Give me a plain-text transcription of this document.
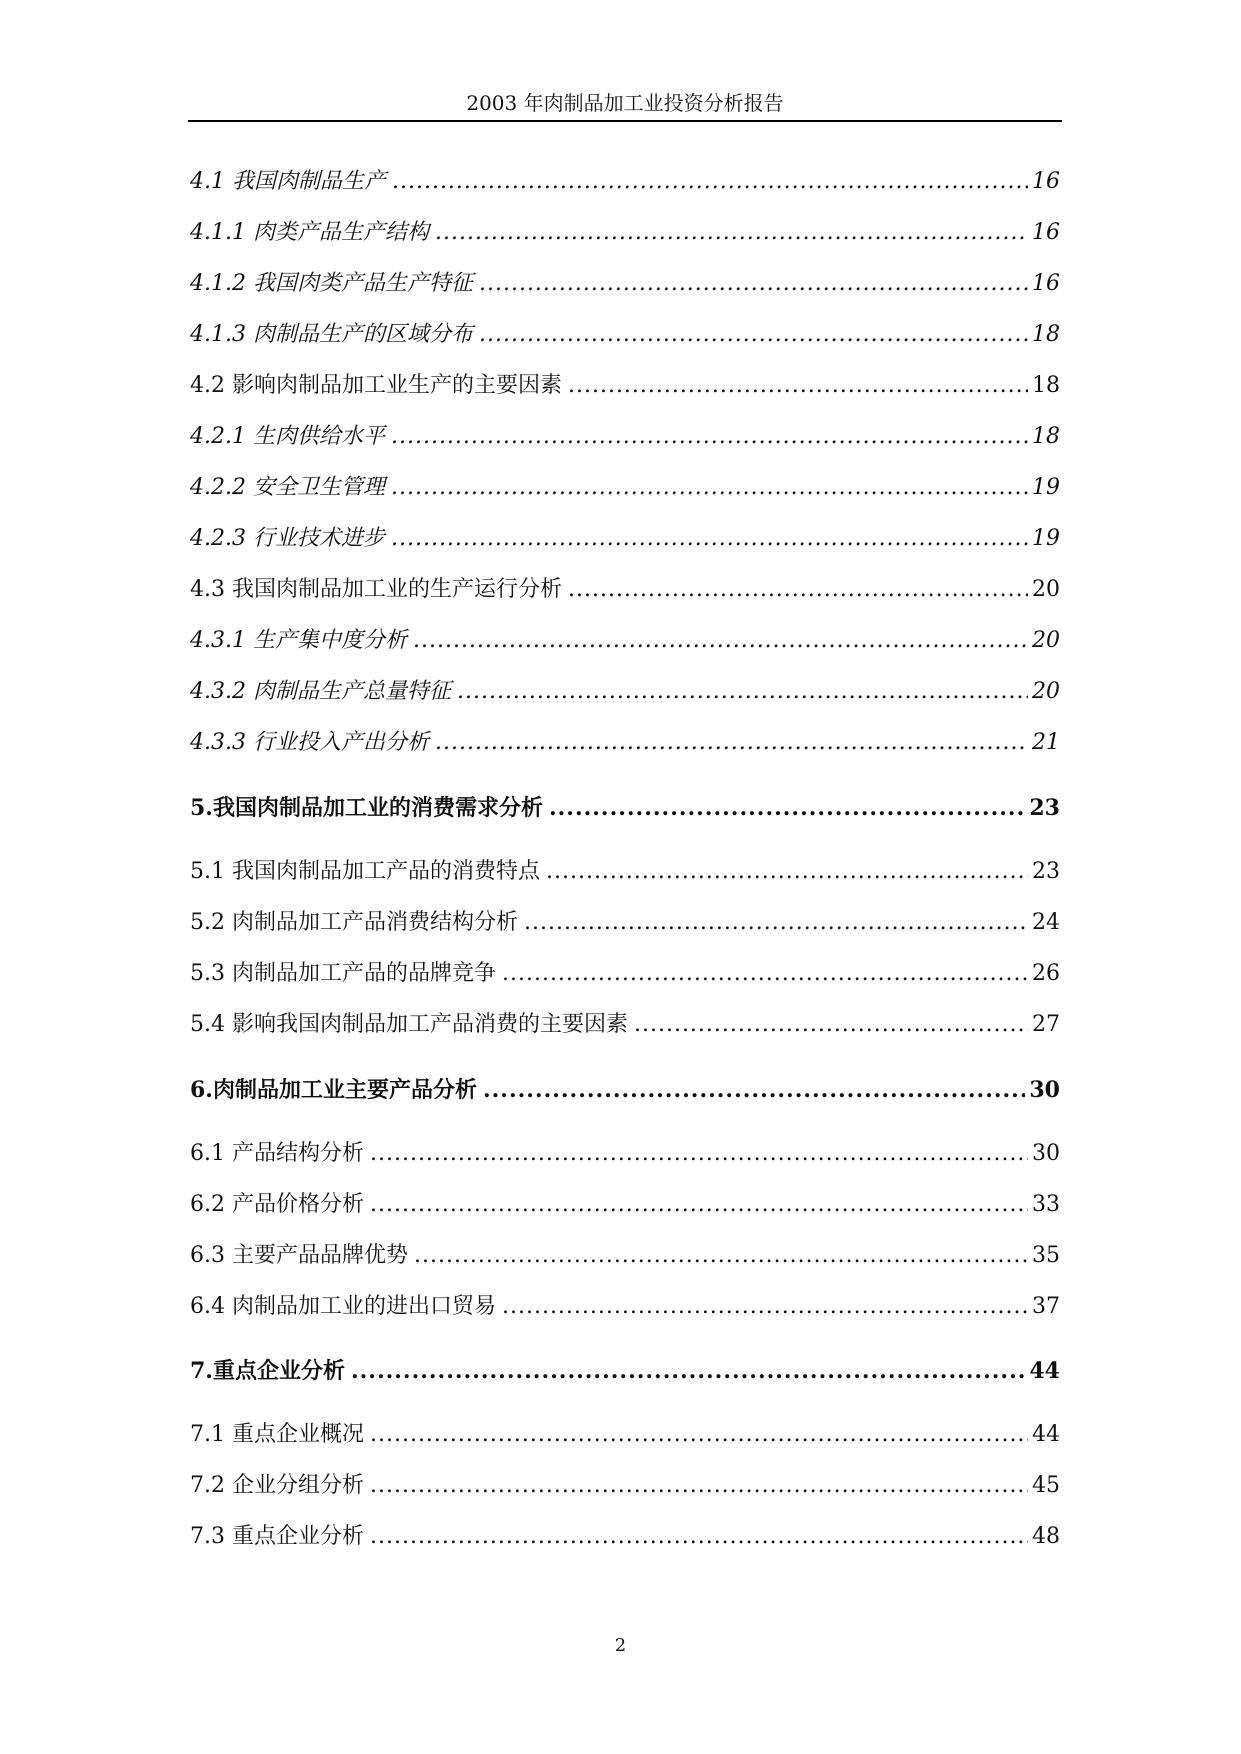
2003 年肉制品加工业投资分析报告
4.1 我国肉制品生产 .....	16
4.1.1 肉类产品生产结构 .....	16
4.1.2 我国肉类产品生产特征 .....	16
4.1.3 肉制品生产的区域分布 .....	18
4.2 影响肉制品加工业生产的主要因素 .....	18
4.2.1 生肉供给水平 .....	18
4.2.2 安全卫生管理 .....	19
4.2.3 行业技术进步 .....	19
4.3 我国肉制品加工业的生产运行分析 .....	20
4.3.1 生产集中度分析 .....	20
4.3.2 肉制品生产总量特征 .....	20
4.3.3 行业投入产出分析 .....	21
5.我国肉制品加工业的消费需求分析 .....	23
5.1 我国肉制品加工产品的消费特点 .....	23
5.2 肉制品加工产品消费结构分析 .....	24
5.3 肉制品加工产品的品牌竞争 .....	26
5.4 影响我国肉制品加工产品消费的主要因素 .....	27
6.肉制品加工业主要产品分析 .....	30
6.1 产品结构分析 .....	30
6.2 产品价格分析 .....	33
6.3 主要产品品牌优势 .....	35
6.4 肉制品加工业的进出口贸易 .....	37
7.重点企业分析 .....	44
7.1 重点企业概况 .....	44
7.2 企业分组分析 .....	45
7.3 重点企业分析 .....	48
2
